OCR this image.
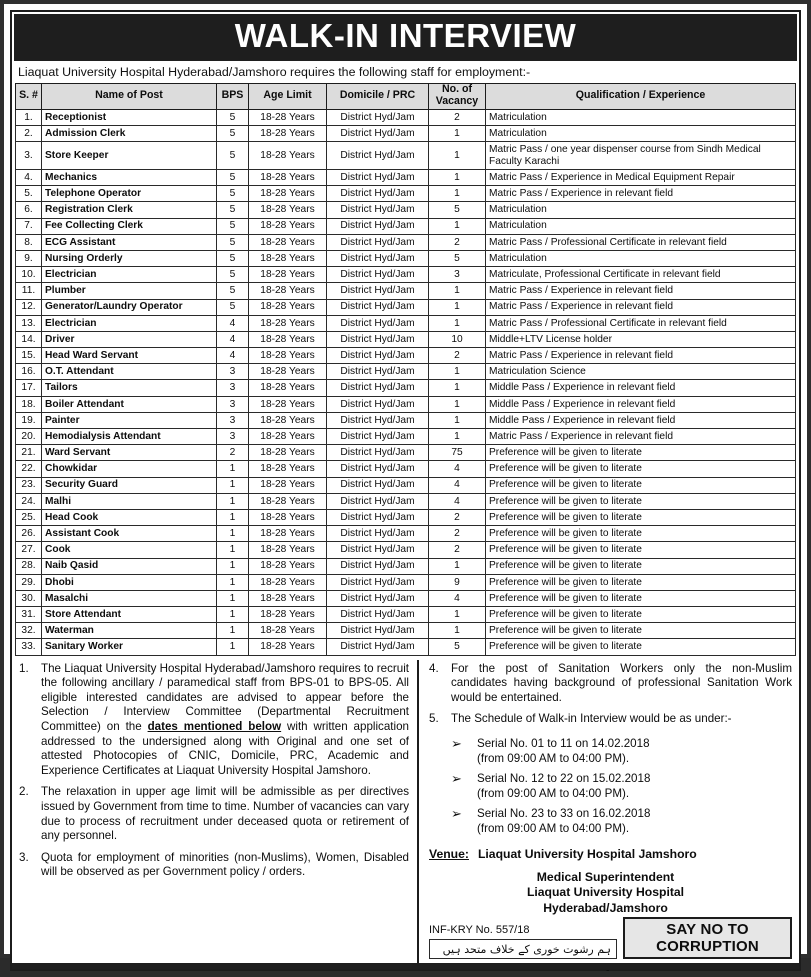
WALK-IN INTERVIEW
Liaquat University Hospital Hyderabad/Jamshoro requires the following staff for employment:-
S. #	Name of Post	BPS	Age Limit	Domicile / PRC	No. of Vacancy	Qualification / Experience
1.	Receptionist	5	18-28 Years	District Hyd/Jam	2	Matriculation
2.	Admission Clerk	5	18-28 Years	District Hyd/Jam	1	Matriculation
3.	Store Keeper	5	18-28 Years	District Hyd/Jam	1	Matric Pass / one year dispenser course from Sindh Medical Faculty Karachi
4.	Mechanics	5	18-28 Years	District Hyd/Jam	1	Matric Pass / Experience in Medical Equipment Repair
5.	Telephone Operator	5	18-28 Years	District Hyd/Jam	1	Matric Pass / Experience in relevant field
6.	Registration Clerk	5	18-28 Years	District Hyd/Jam	5	Matriculation
7.	Fee Collecting Clerk	5	18-28 Years	District Hyd/Jam	1	Matriculation
8.	ECG Assistant	5	18-28 Years	District Hyd/Jam	2	Matric Pass / Professional Certificate in relevant field
9.	Nursing Orderly	5	18-28 Years	District Hyd/Jam	5	Matriculation
10.	Electrician	5	18-28 Years	District Hyd/Jam	3	Matriculate, Professional Certificate in relevant field
11.	Plumber	5	18-28 Years	District Hyd/Jam	1	Matric Pass / Experience in relevant field
12.	Generator/Laundry Operator	5	18-28 Years	District Hyd/Jam	1	Matric Pass / Experience in relevant field
13.	Electrician	4	18-28 Years	District Hyd/Jam	1	Matric Pass / Professional Certificate in relevant field
14.	Driver	4	18-28 Years	District Hyd/Jam	10	Middle+LTV License holder
15.	Head Ward Servant	4	18-28 Years	District Hyd/Jam	2	Matric Pass / Experience in relevant field
16.	O.T. Attendant	3	18-28 Years	District Hyd/Jam	1	Matriculation Science
17.	Tailors	3	18-28 Years	District Hyd/Jam	1	Middle Pass / Experience in relevant field
18.	Boiler Attendant	3	18-28 Years	District Hyd/Jam	1	Middle Pass / Experience in relevant field
19.	Painter	3	18-28 Years	District Hyd/Jam	1	Middle Pass / Experience in relevant field
20.	Hemodialysis Attendant	3	18-28 Years	District Hyd/Jam	1	Matric Pass / Experience in relevant field
21.	Ward Servant	2	18-28 Years	District Hyd/Jam	75	Preference will be given to literate
22.	Chowkidar	1	18-28 Years	District Hyd/Jam	4	Preference will be given to literate
23.	Security Guard	1	18-28 Years	District Hyd/Jam	4	Preference will be given to literate
24.	Malhi	1	18-28 Years	District Hyd/Jam	4	Preference will be given to literate
25.	Head Cook	1	18-28 Years	District Hyd/Jam	2	Preference will be given to literate
26.	Assistant Cook	1	18-28 Years	District Hyd/Jam	2	Preference will be given to literate
27.	Cook	1	18-28 Years	District Hyd/Jam	2	Preference will be given to literate
28.	Naib Qasid	1	18-28 Years	District Hyd/Jam	1	Preference will be given to literate
29.	Dhobi	1	18-28 Years	District Hyd/Jam	9	Preference will be given to literate
30.	Masalchi	1	18-28 Years	District Hyd/Jam	4	Preference will be given to literate
31.	Store Attendant	1	18-28 Years	District Hyd/Jam	1	Preference will be given to literate
32.	Waterman	1	18-28 Years	District Hyd/Jam	1	Preference will be given to literate
33.	Sanitary Worker	1	18-28 Years	District Hyd/Jam	5	Preference will be given to literate
1.	The Liaquat University Hospital Hyderabad/Jamshoro requires to recruit the following ancillary / paramedical staff from BPS-01 to BPS-05. All eligible interested candidates are advised to appear before the Selection / Interview Committee (Departmental Recruitment Committee) on the dates mentioned below with written application addressed to the undersigned along with Original and one set of attested Photocopies of CNIC, Domicile, PRC, Academic and Experience Certificates at Liaquat University Hospital Jamshoro.
2.	The relaxation in upper age limit will be admissible as per directives issued by Government from time to time. Number of vacancies can vary due to process of recruitment under deceased quota or retirement of any personnel.
3.	Quota for employment of minorities (non-Muslims), Women, Disabled will be observed as per Government policy / orders.
4.	For the post of Sanitation Workers only the non-Muslim candidates having background of professional Sanitation Work would be entertained.
5.	The Schedule of Walk-in Interview would be as under:-
➢	Serial No. 01 to 11 on 14.02.2018
(from 09:00 AM to 04:00 PM).
➢	Serial No. 12 to 22 on 15.02.2018
(from 09:00 AM to 04:00 PM).
➢	Serial No. 23 to 33 on 16.02.2018
(from 09:00 AM to 04:00 PM).
Venue: Liaquat University Hospital Jamshoro
Medical Superintendent
Liaquat University Hospital
Hyderabad/Jamshoro
INF-KRY No. 557/18
ہم رشوت خوری کے خلاف متحد ہیں
SAY NO TO CORRUPTION
